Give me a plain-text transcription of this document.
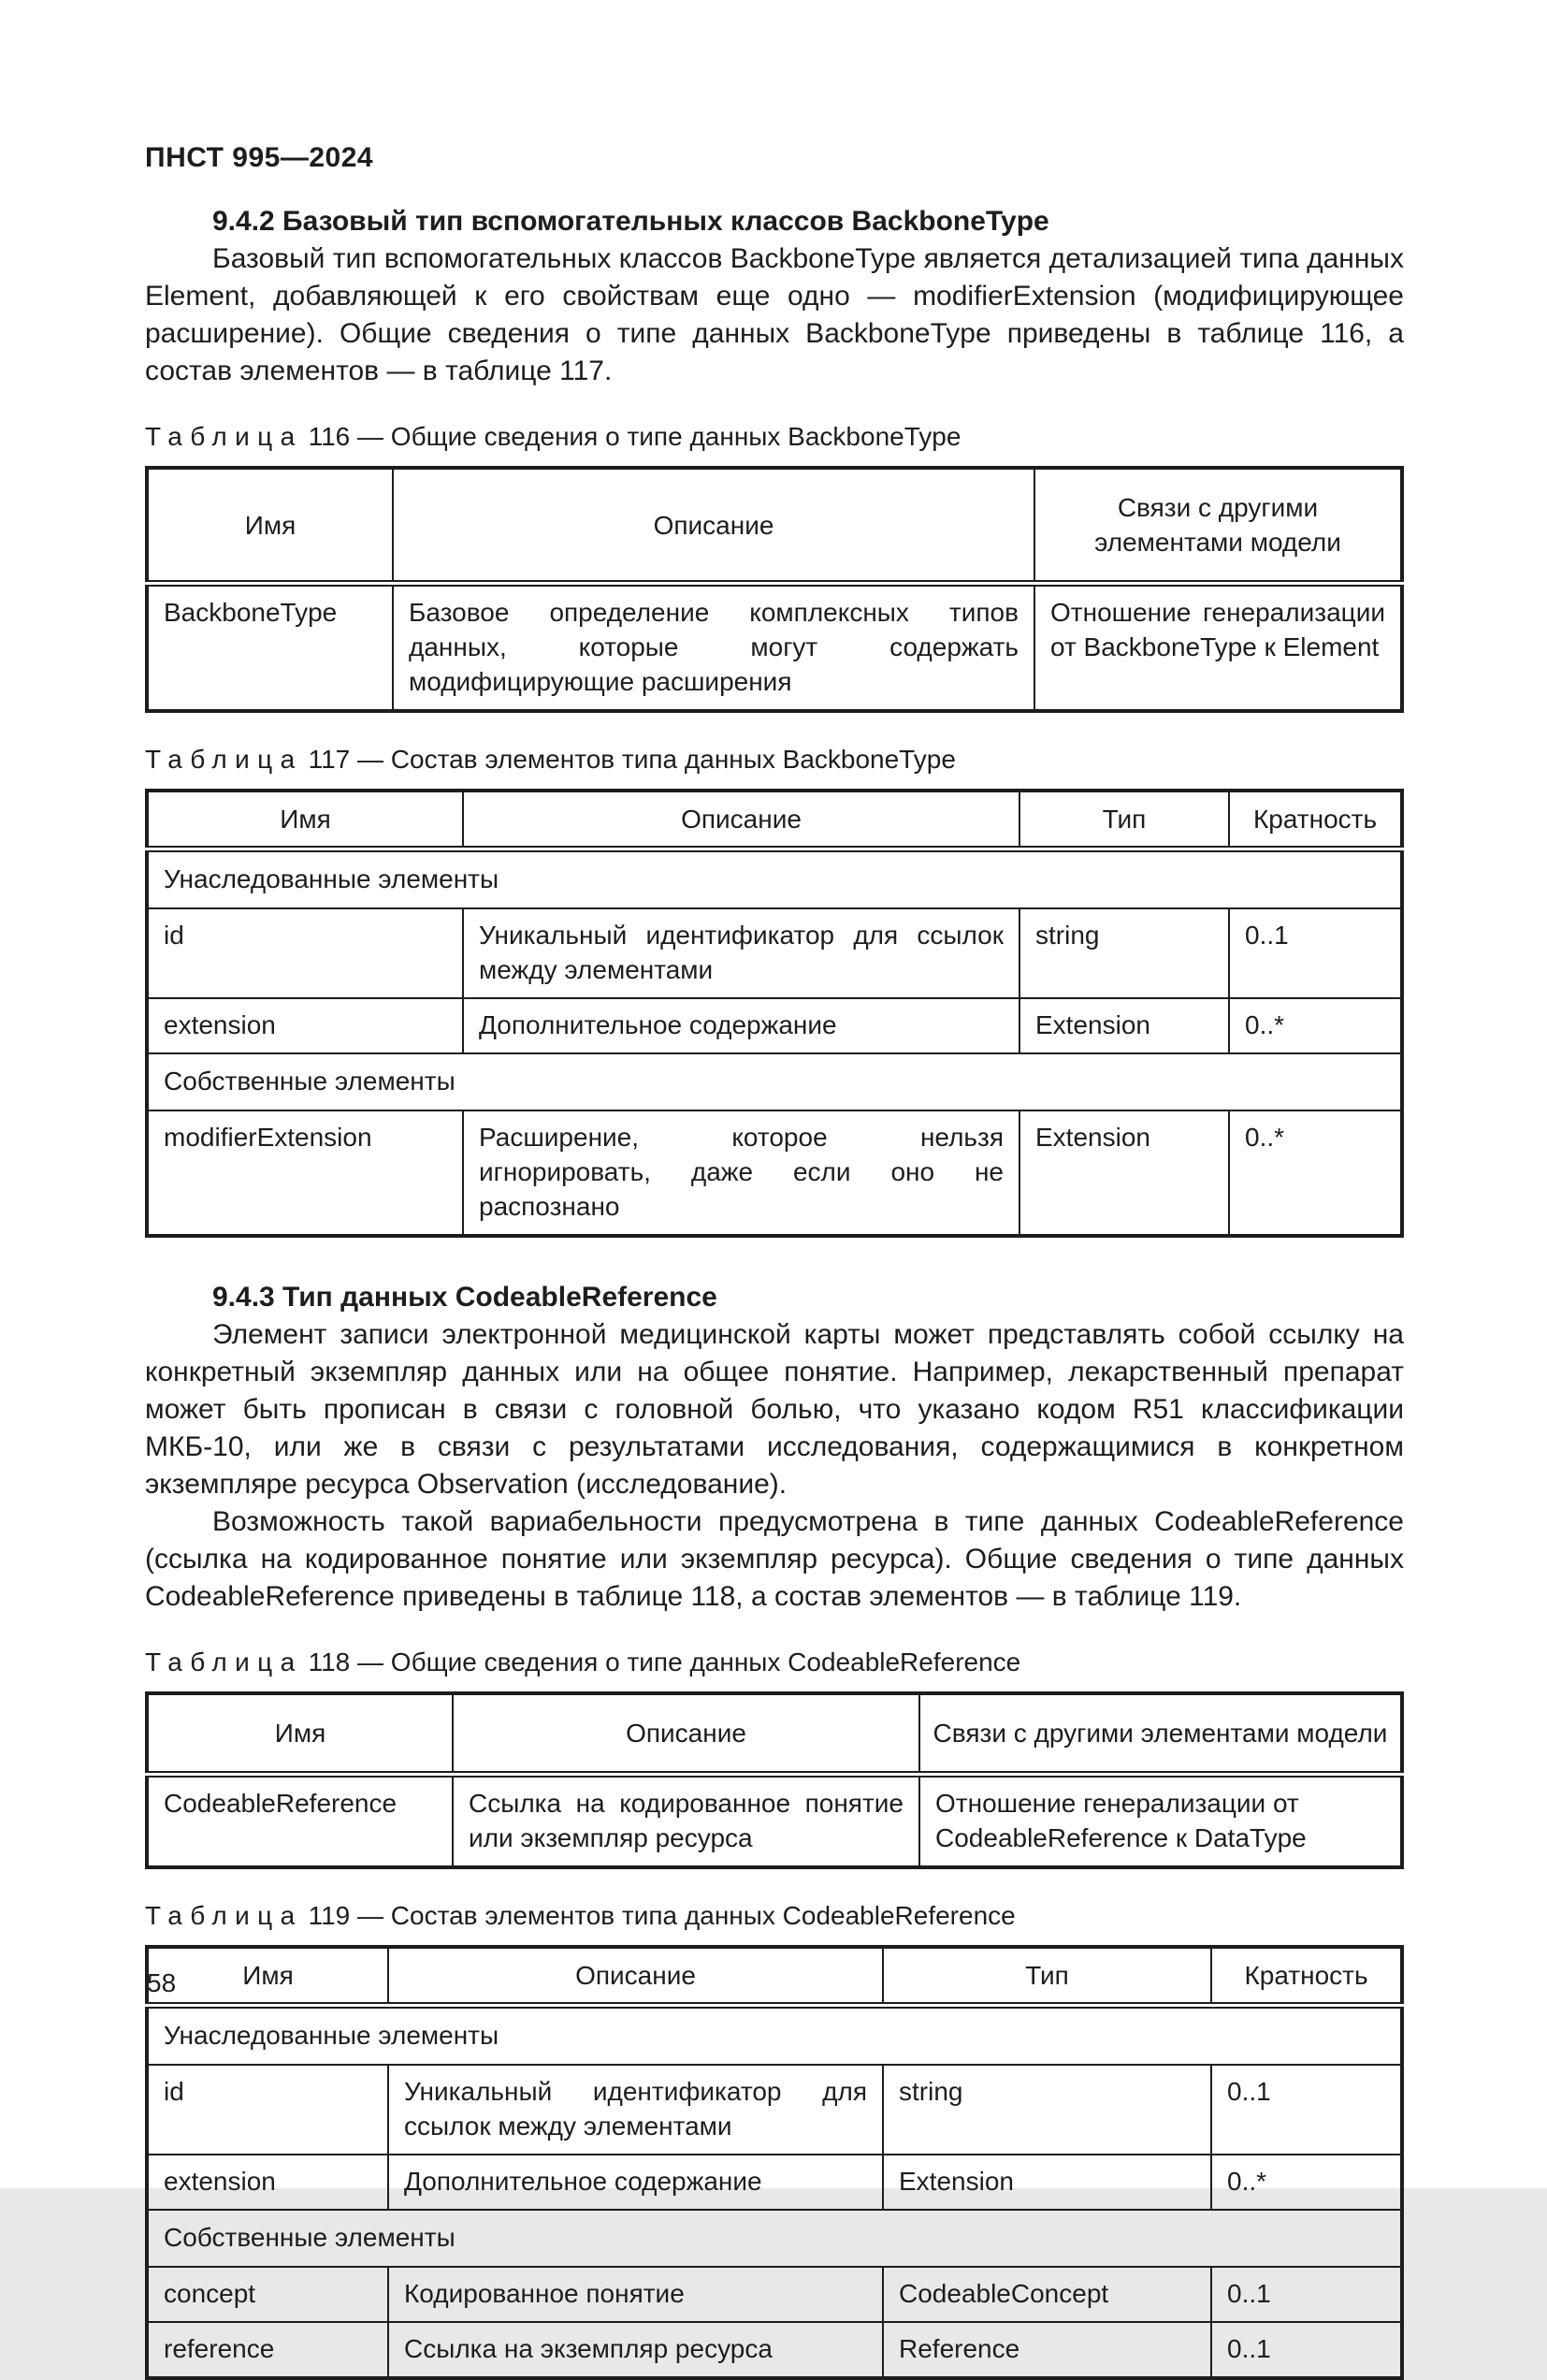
ПНСТ 995—2024
9.4.2 Базовый тип вспомогательных классов BackboneType

Базовый тип вспомогательных классов BackboneType является детализацией типа данных Element, добавляющей к его свойствам еще одно — modifierExtension (модифицирующее расширение). Общие сведения о типе данных BackboneType приведены в таблице 116, а состав элементов — в таблице 117.

Таблица 116 — Общие сведения о типе данных BackboneType
Имя	Описание	Связи с другими элементами модели
BackboneType	Базовое определение комплексных типов данных, которые могут содержать модифицирующие расширения	Отношение генерализации от BackboneType к Element
Таблица 117 — Состав элементов типа данных BackboneType
Имя	Описание	Тип	Кратность
Унаследованные элементы			
id	Уникальный идентификатор для ссылок между элементами	string	0..1
extension	Дополнительное содержание	Extension	0..*
Собственные элементы			
modifierExtension	Расширение, которое нельзя игнорировать, даже если оно не распознано	Extension	0..*
9.4.3 Тип данных CodeableReference

Элемент записи электронной медицинской карты может представлять собой ссылку на конкретный экземпляр данных или на общее понятие. Например, лекарственный препарат может быть прописан в связи с головной болью, что указано кодом R51 классификации МКБ-10, или же в связи с результатами исследования, содержащимися в конкретном экземпляре ресурса Observation (исследование).

Возможность такой вариабельности предусмотрена в типе данных CodeableReference (ссылка на кодированное понятие или экземпляр ресурса). Общие сведения о типе данных CodeableReference приведены в таблице 118, а состав элементов — в таблице 119.

Таблица 118 — Общие сведения о типе данных CodeableReference
Имя	Описание	Связи с другими элементами модели
CodeableReference	Ссылка на кодированное понятие или экземпляр ресурса	Отношение генерализации от CodeableReference к DataType
Таблица 119 — Состав элементов типа данных CodeableReference
Имя	Описание	Тип	Кратность
Унаследованные элементы			
id	Уникальный идентификатор для ссылок между элементами	string	0..1
extension	Дополнительное содержание	Extension	0..*
Собственные элементы			
concept	Кодированное понятие	CodeableConcept	0..1
reference	Ссылка на экземпляр ресурса	Reference	0..1
58
